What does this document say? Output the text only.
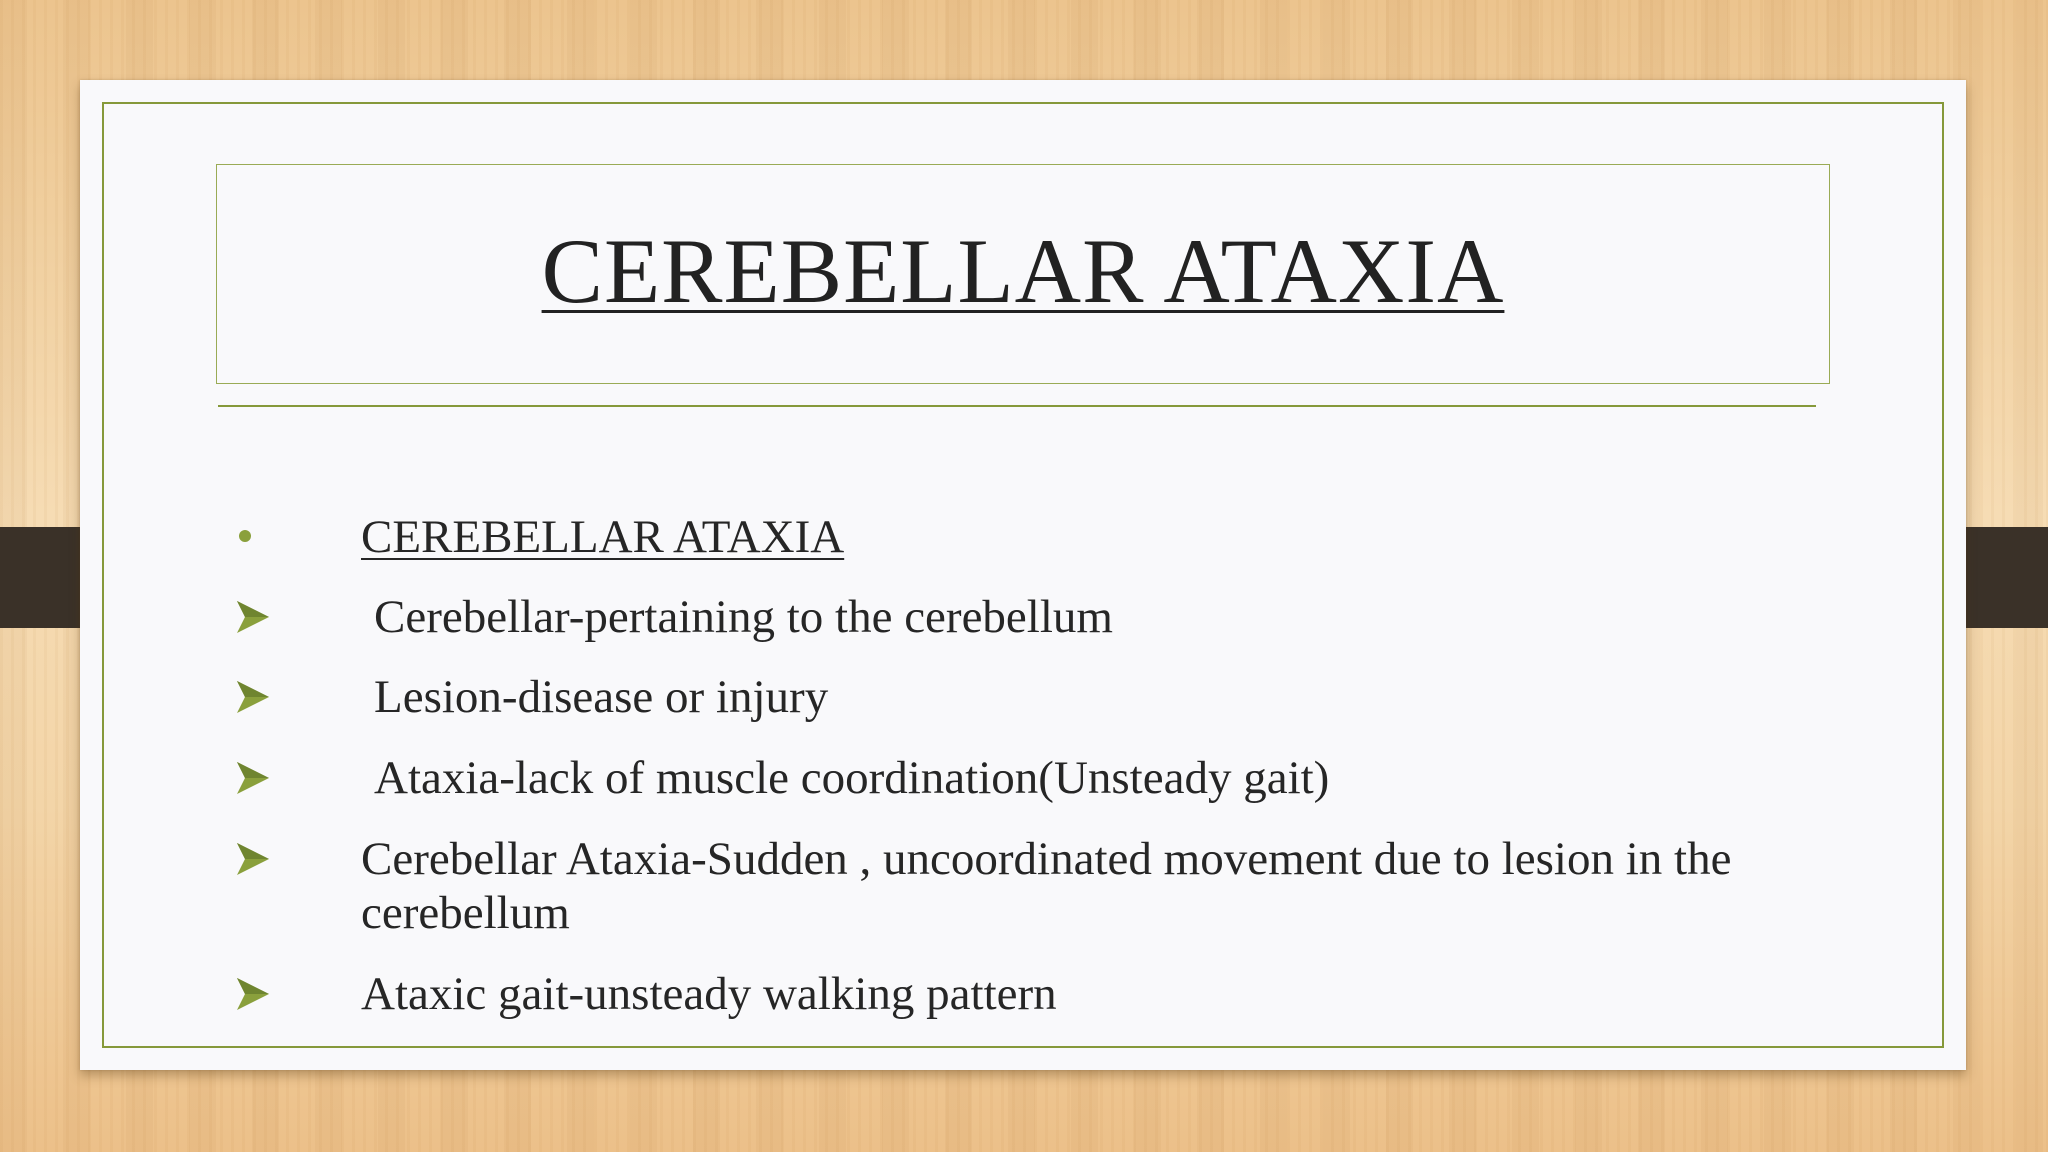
CEREBELLAR ATAXIA
CEREBELLAR ATAXIA
Cerebellar-pertaining to the cerebellum
Lesion-disease or injury
Ataxia-lack of muscle coordination(Unsteady gait)
Cerebellar Ataxia-Sudden , uncoordinated movement due to lesion in the
cerebellum
Ataxic gait-unsteady walking pattern
